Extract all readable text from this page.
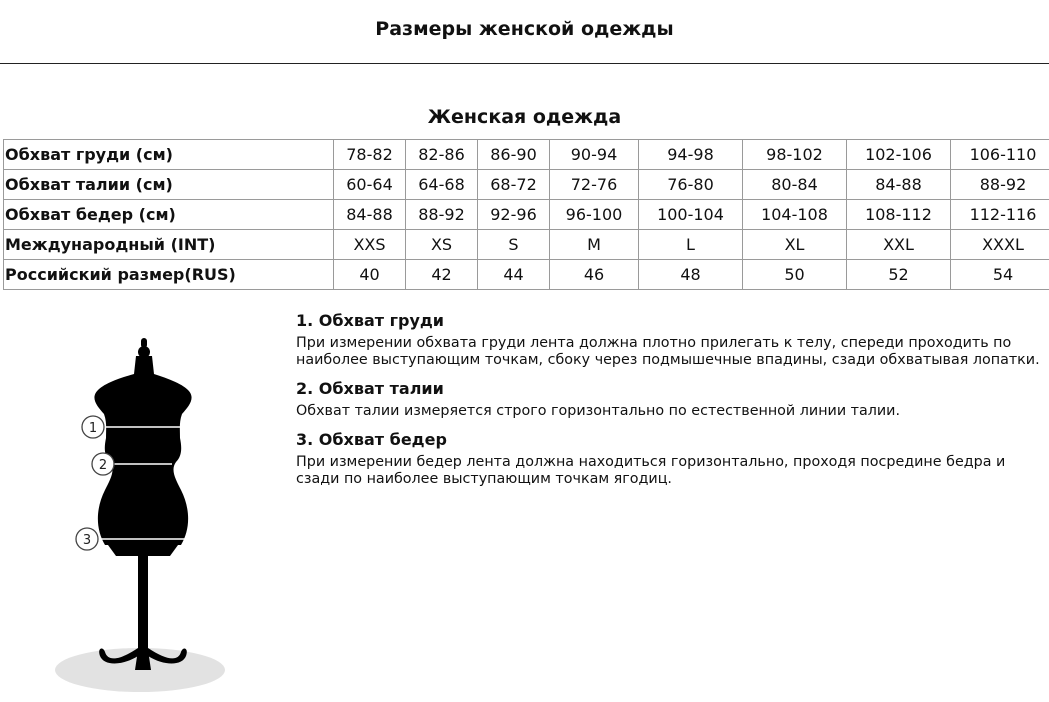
Размеры женской одежды
Женская одежда
Обхват груди (см)	78-82	82-86	86-90	90-94	94-98	98-102	102-106	106-110
Обхват талии (см)	60-64	64-68	68-72	72-76	76-80	80-84	84-88	88-92
Обхват бедер (см)	84-88	88-92	92-96	96-100	100-104	104-108	108-112	112-116
Международный (INT)	XXS	XS	S	M	L	XL	XXL	XXXL
Российский размер(RUS)	40	42	44	46	48	50	52	54
1
2
3
1. Обхват груди

При измерении обхвата груди лента должна плотно прилегать к телу, спереди проходить по наиболее выступающим точкам, сбоку через подмышечные впадины, сзади обхватывая лопатки.

2. Обхват талии

Обхват талии измеряется строго горизонтально по естественной линии талии.

3. Обхват бедер

При измерении бедер лента должна находиться горизонтально, проходя посредине бедра и сзади по наиболее выступающим точкам ягодиц.
